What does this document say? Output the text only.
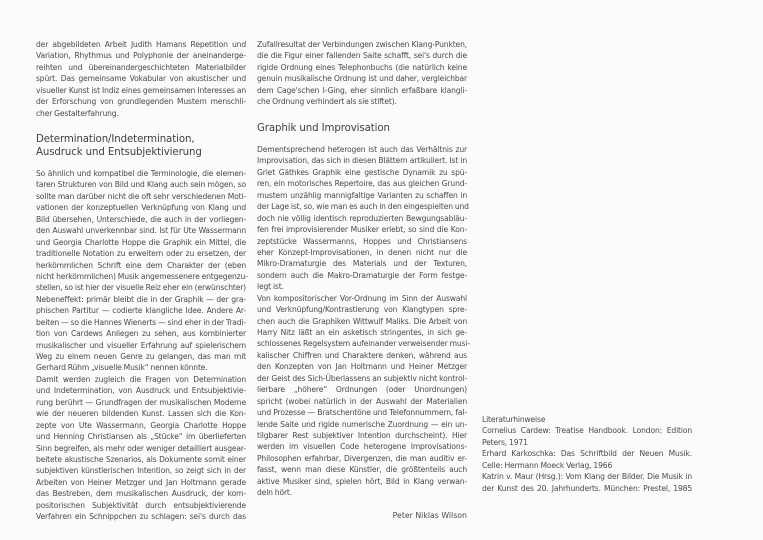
der abgebildeten Arbeit Judith Hamans Repetition und
Variation, Rhythmus und Polyphonie der aneinanderge-
reihten und übereinandergeschichteten Materialbilder
spürt. Das gemeinsame Vokabular von akustischer und
visueller Kunst ist Indiz eines gemeinsamen Interesses an
der Erforschung von grundlegenden Mustern menschli-
cher Gestalterfahrung.
Determination/Indetermination,
Ausdruck und Entsubjektivierung
So ähnlich und kompatibel die Terminologie, die elemen-
taren Strukturen von Bild und Klang auch sein mögen, so
sollte man darüber nicht die oft sehr verschiedenen Moti-
vationen der konzeptuellen Verknüpfung von Klang und
Bild übersehen, Unterschiede, die auch in der vorliegen-
den Auswahl unverkennbar sind. Ist für Ute Wassermann
und Georgia Charlotte Hoppe die Graphik ein Mittel, die
traditionelle Notation zu erweitern oder zu ersetzen, der
herkömmlichen Schrift eine dem Charakter der (eben
nicht herkömmlichen) Musik angemessenere entgegenzu-
stellen, so ist hier der visuelle Reiz eher ein (erwünschter)
Nebeneffekt: primär bleibt die in der Graphik — der gra-
phischen Partitur — codierte klangliche Idee. Andere Ar-
beiten — so die Hannes Wienerts — sind eher in der Tradi-
tion von Cardews Anliegen zu sehen, aus kombinierter
musikalischer und visueller Erfahrung auf spielerischem
Weg zu einem neuen Genre zu gelangen, das man mit
Gerhard Rühm „visuelle Musik“ nennen könnte.
Damit werden zugleich die Fragen von Determination
und Indetermination, von Ausdruck und Entsubjektivie-
rung berührt — Grundfragen der musikalischen Moderne
wie der neueren bildenden Kunst. Lassen sich die Kon-
zepte von Ute Wassermann, Georgia Charlotte Hoppe
und Henning Christiansen als „Stücke“ im überlieferten
Sinn begreifen, als mehr oder weniger detailliert ausgear-
beitete akustische Szenarios, als Dokumente somit einer
subjektiven künstlerischen Intention, so zeigt sich in der
Arbeiten von Heiner Metzger und Jan Holtmann gerade
das Bestreben, dem musikalischen Ausdruck, der kom-
positorischen Subjektivität durch entsubjektivierende
Verfahren ein Schnippchen zu schlagen: sei's durch das
Zufallresultat der Verbindungen zwischen Klang-Punkten,
die die Figur einer fallenden Saite schafft, sei's durch die
rigide Ordnung eines Telephonbuchs (die natürlich keine
genuin musikalische Ordnung ist und daher, vergleichbar
dem Cage'schen I-Ging, eher sinnlich erfaßbare klangli-
che Ordnung verhindert als sie stiftet).
Graphik und Improvisation
Dementsprechend heterogen ist auch das Verhältnis zur
Improvisation, das sich in diesen Blättern artikuliert. Ist in
Griet Gäthkes Graphik eine gestische Dynamik zu spü-
ren, ein motorisches Repertoire, das aus gleichen Grund-
mustern unzählig mannigfaltige Varianten zu schaffen in
der Lage ist, so, wie man es auch in den eingespielten und
doch nie völlig identisch reproduzierten Bewgungsabläu-
fen frei improvisierender Musiker erlebt, so sind die Kon-
zeptstücke Wassermanns, Hoppes und Christiansens
eher Konzept-Improvisationen, in denen nicht nur die
Mikro-Dramaturgie des Materials und der Texturen,
sondern auch die Makro-Dramaturgie der Form festge-
legt ist.
Von kompositorischer Vor-Ordnung im Sinn der Auswahl
und Verknüpfung/Kontrastierung von Klangtypen spre-
chen auch die Graphiken Wittwulf Maliks. Die Arbeit von
Harry Nitz läßt an ein asketisch stringentes, in sich ge-
schlossenes Regelsystem aufeinander verweisender musi-
kalischer Chiffren und Charaktere denken, während aus
den Konzepten von Jan Holtmann und Heiner Metzger
der Geist des Sich-Überlassens an subjektiv nicht kontrol-
lierbare „höhere“ Ordnungen (oder Unordnungen)
spricht (wobei natürlich in der Auswahl der Materialien
und Prozesse — Bratschentöne und Telefonnummern, fal-
lende Saite und rigide numerische Zuordnung — ein un-
tilgbarer Rest subjektiver Intention durchscheint). Hier
werden im visuellen Code heterogene Improvisations-
Philosophen erfahrbar, Divergenzen, die man auditiv er-
fasst, wenn man diese Künstler, die größtenteils auch
aktive Musiker sind, spielen hört, Bild in Klang verwan-
deln hört.
Peter Niklas Wilson
Literaturhinweise
Cornelius Cardew: Treatise Handbook. London: Edition
Peters, 1971
Erhard Karkoschka: Das Schriftbild der Neuen Musik.
Celle: Hermann Moeck Verlag, 1966
Katrin v. Maur (Hrsg.): Vom Klang der Bilder. Die Musik in
der Kunst des 20. Jahrhunderts. München: Prestel, 1985
